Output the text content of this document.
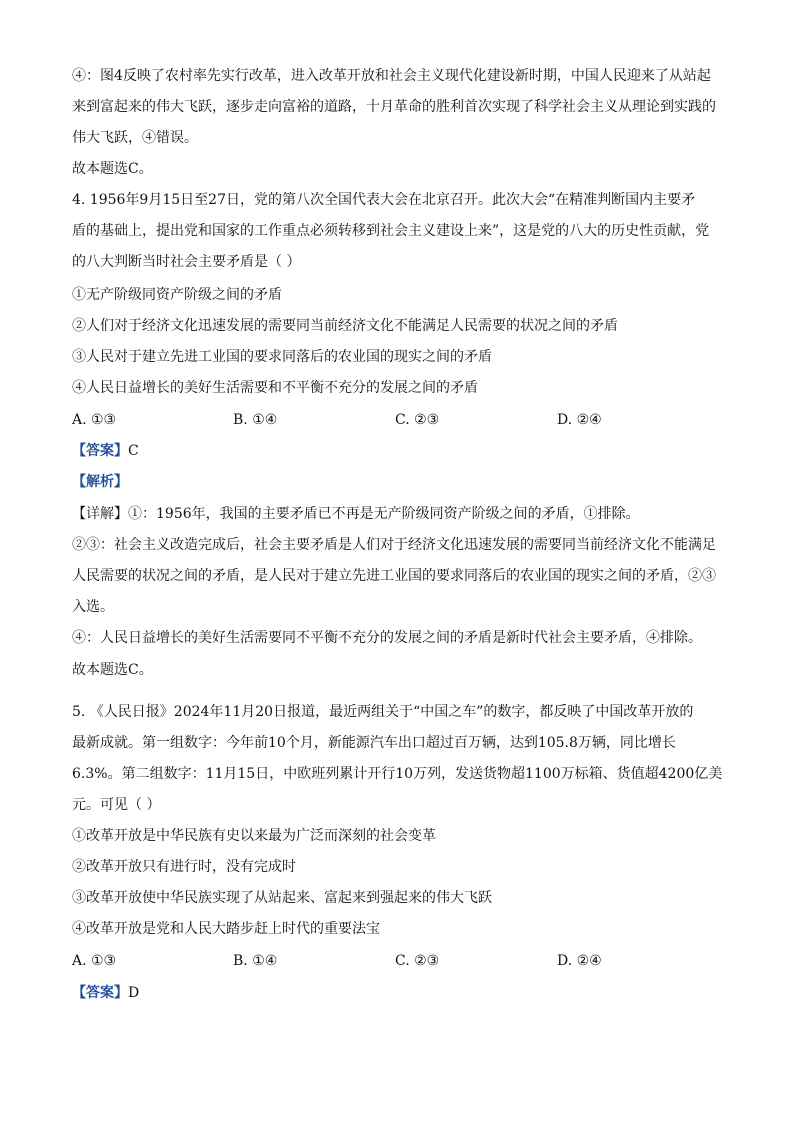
④：图4反映了农村率先实行改革，进入改革开放和社会主义现代化建设新时期，中国人民迎来了从站起
来到富起来的伟大飞跃，逐步走向富裕的道路，十月革命的胜利首次实现了科学社会主义从理论到实践的
伟大飞跃，④错误。
故本题选C。
4. 1956年9月15日至27日，党的第八次全国代表大会在北京召开。此次大会“在精准判断国内主要矛
盾的基础上，提出党和国家的工作重点必须转移到社会主义建设上来”，这是党的八大的历史性贡献，党
的八大判断当时社会主要矛盾是（ ）
①无产阶级同资产阶级之间的矛盾
②人们对于经济文化迅速发展的需要同当前经济文化不能满足人民需要的状况之间的矛盾
③人民对于建立先进工业国的要求同落后的农业国的现实之间的矛盾
④人民日益增长的美好生活需要和不平衡不充分的发展之间的矛盾
A. ①③	B. ①④	C. ②③	D. ②④
【答案】C
【解析】
【详解】①：1956年，我国的主要矛盾已不再是无产阶级同资产阶级之间的矛盾，①排除。
②③：社会主义改造完成后，社会主要矛盾是人们对于经济文化迅速发展的需要同当前经济文化不能满足
人民需要的状况之间的矛盾，是人民对于建立先进工业国的要求同落后的农业国的现实之间的矛盾，②③
入选。
④：人民日益增长的美好生活需要同不平衡不充分的发展之间的矛盾是新时代社会主要矛盾，④排除。
故本题选C。
5. 《人民日报》2024年11月20日报道，最近两组关于“中国之车”的数字，都反映了中国改革开放的
最新成就。第一组数字：今年前10个月，新能源汽车出口超过百万辆，达到105.8万辆，同比增长
6.3%。第二组数字：11月15日，中欧班列累计开行10万列，发送货物超1100万标箱、货值超4200亿美
元。可见（ ）
①改革开放是中华民族有史以来最为广泛而深刻的社会变革
②改革开放只有进行时，没有完成时
③改革开放使中华民族实现了从站起来、富起来到强起来的伟大飞跃
④改革开放是党和人民大踏步赶上时代的重要法宝
A. ①③	B. ①④	C. ②③	D. ②④
【答案】D
